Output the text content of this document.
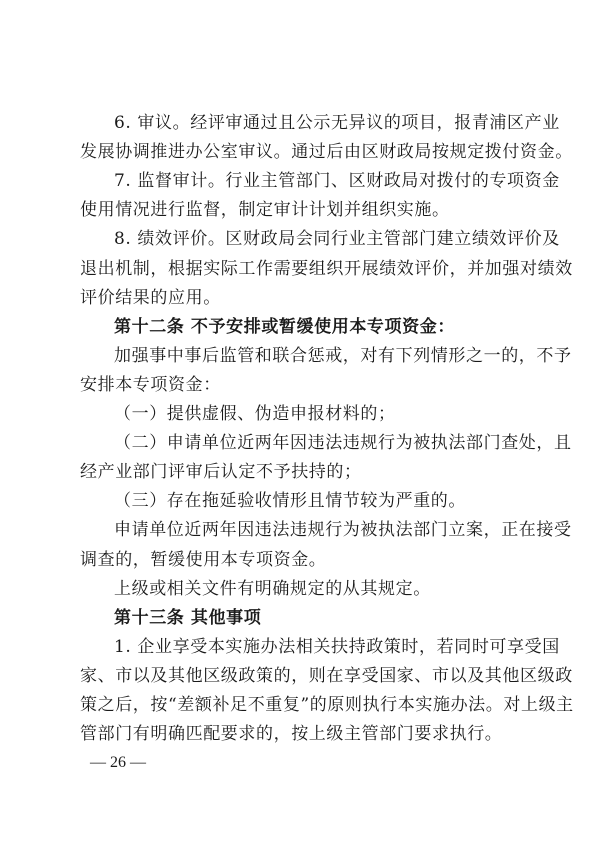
6. 审议。经评审通过且公示无异议的项目，报青浦区产业
发展协调推进办公室审议。通过后由区财政局按规定拨付资金。
7. 监督审计。行业主管部门、区财政局对拨付的专项资金
使用情况进行监督，制定审计计划并组织实施。
8. 绩效评价。区财政局会同行业主管部门建立绩效评价及
退出机制，根据实际工作需要组织开展绩效评价，并加强对绩效
评价结果的应用。
第十二条 不予安排或暂缓使用本专项资金：
加强事中事后监管和联合惩戒，对有下列情形之一的，不予
安排本专项资金：
（一）提供虚假、伪造申报材料的；
（二）申请单位近两年因违法违规行为被执法部门查处，且
经产业部门评审后认定不予扶持的；
（三）存在拖延验收情形且情节较为严重的。
申请单位近两年因违法违规行为被执法部门立案，正在接受
调查的，暂缓使用本专项资金。
上级或相关文件有明确规定的从其规定。
第十三条 其他事项
1. 企业享受本实施办法相关扶持政策时，若同时可享受国
家、市以及其他区级政策的，则在享受国家、市以及其他区级政
策之后，按“差额补足不重复”的原则执行本实施办法。对上级主
管部门有明确匹配要求的，按上级主管部门要求执行。
— 26 —
